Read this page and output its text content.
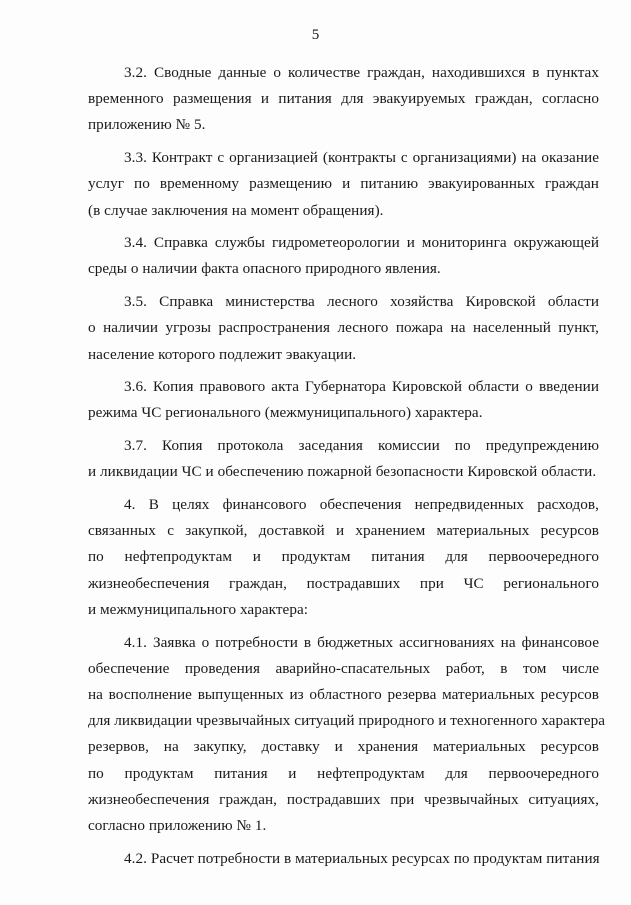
5
3.2. Сводные данные о количестве граждан, находившихся в пунктах
временного размещения и питания для эвакуируемых граждан, согласно
приложению № 5.
3.3. Контракт с организацией (контракты с организациями) на оказание
услуг по временному размещению и питанию эвакуированных граждан
(в случае заключения на момент обращения).
3.4. Справка службы гидрометеорологии и мониторинга окружающей
среды о наличии факта опасного природного явления.
3.5. Справка министерства лесного хозяйства Кировской области
о наличии угрозы распространения лесного пожара на населенный пункт,
население которого подлежит эвакуации.
3.6. Копия правового акта Губернатора Кировской области о введении
режима ЧС регионального (межмуниципального) характера.
3.7. Копия протокола заседания комиссии по предупреждению
и ликвидации ЧС и обеспечению пожарной безопасности Кировской области.
4. В целях финансового обеспечения непредвиденных расходов,
связанных с закупкой, доставкой и хранением материальных ресурсов
по нефтепродуктам и продуктам питания для первоочередного
жизнеобеспечения граждан, пострадавших при ЧС регионального
и межмуниципального характера:
4.1. Заявка о потребности в бюджетных ассигнованиях на финансовое
обеспечение проведения аварийно-спасательных работ, в том числе
на восполнение выпущенных из областного резерва материальных ресурсов
для ликвидации чрезвычайных ситуаций природного и техногенного характера
резервов, на закупку, доставку и хранения материальных ресурсов
по продуктам питания и нефтепродуктам для первоочередного
жизнеобеспечения граждан, пострадавших при чрезвычайных ситуациях,
согласно приложению № 1.
4.2. Расчет потребности в материальных ресурсах по продуктам питания
